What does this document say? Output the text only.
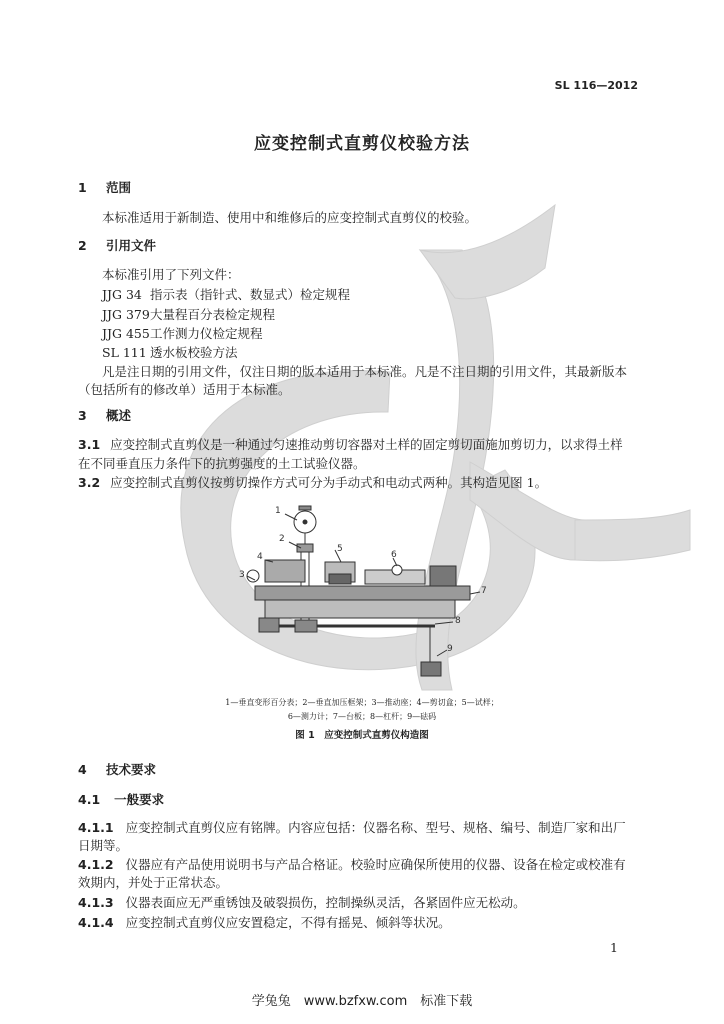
SL 116—2012
应变控制式直剪仪校验方法
1 范围
本标准适用于新制造、使用中和维修后的应变控制式直剪仪的校验。
2 引用文件
本标准引用了下列文件：
JJG 34 指示表（指针式、数显式）检定规程
JJG 379大量程百分表检定规程
JJG 455工作测力仪检定规程
SL 111 透水板校验方法
凡是注日期的引用文件，仅注日期的版本适用于本标准。凡是不注日期的引用文件，其最新版本
（包括所有的修改单）适用于本标准。
3 概述
3.1 应变控制式直剪仪是一种通过匀速推动剪切容器对土样的固定剪切面施加剪切力，以求得土样
在不同垂直压力条件下的抗剪强度的土工试验仪器。
3.2 应变控制式直剪仪按剪切操作方式可分为手动式和电动式两种。其构造见图 1。
1
2
3
4
5
6
7
8
9
1—垂直变形百分表；2—垂直加压框架；3—推动座；4—剪切盒；5—试样；
6—测力计；7—台板；8—杠杆；9—砝码
图 1　应变控制式直剪仪构造图
4 技术要求
4.1 一般要求
4.1.1 应变控制式直剪仪应有铭牌。内容应包括：仪器名称、型号、规格、编号、制造厂家和出厂
日期等。
4.1.2 仪器应有产品使用说明书与产品合格证。校验时应确保所使用的仪器、设备在检定或校准有
效期内，并处于正常状态。
4.1.3 仪器表面应无严重锈蚀及破裂损伤，控制操纵灵活，各紧固件应无松动。
4.1.4 应变控制式直剪仪应安置稳定，不得有摇晃、倾斜等状况。
1
学兔兔　www.bzfxw.com　标准下载
